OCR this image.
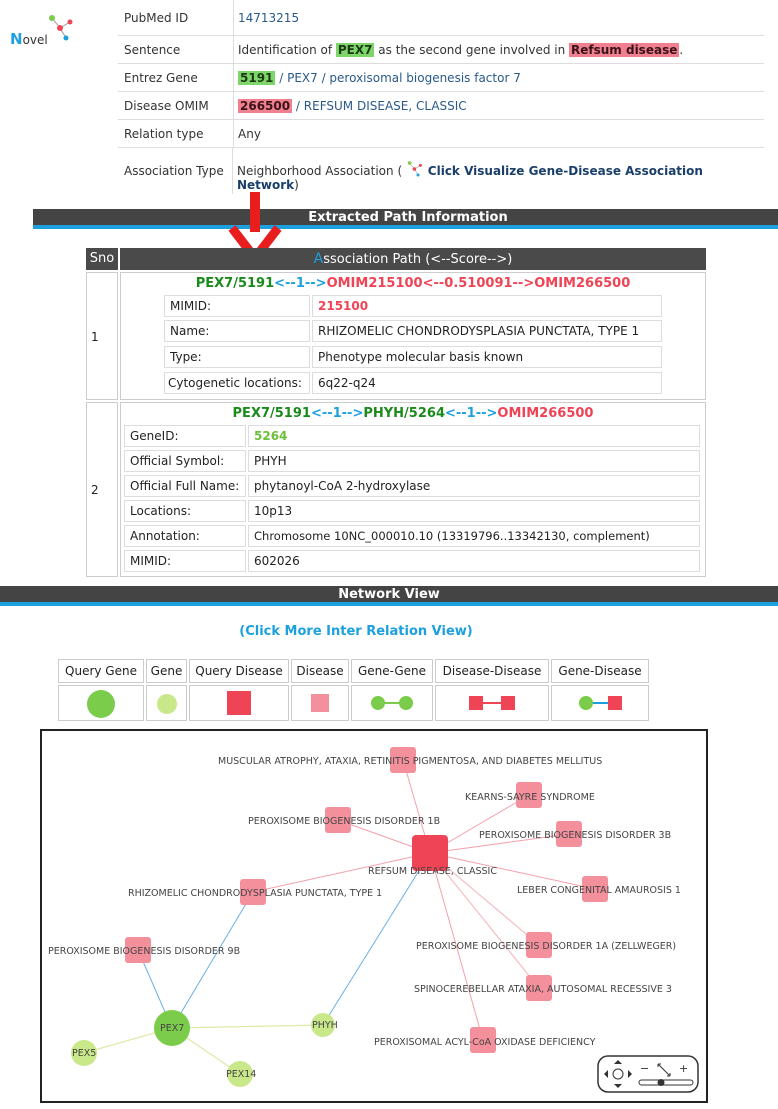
Novel
PubMed ID	14713215
Sentence	Identification of PEX7 as the second gene involved in Refsum disease .
Entrez Gene	5191 / PEX7 / peroxisomal biogenesis factor 7
Disease OMIM	266500 / REFSUM DISEASE, CLASSIC
Relation type	Any
Association Type	Neighborhood Association (  Click Visualize Gene-Disease Association Network)
Extracted Path Information
Sno	Association Path (<--Score-->)
1
PEX7/5191<--1-->OMIM215100<--0.510091-->OMIM266500
MIMID:	215100
Name:	RHIZOMELIC CHONDRODYSPLASIA PUNCTATA, TYPE 1
Type:	Phenotype molecular basis known
Cytogenetic locations:	6q22-q24
2
PEX7/5191<--1-->PHYH/5264<--1-->OMIM266500
GeneID:	5264
Official Symbol:	PHYH
Official Full Name:	phytanoyl-CoA 2-hydroxylase
Locations:	10p13
Annotation:	Chromosome 10NC_000010.10 (13319796..13342130, complement)
MIMID:	602026
Network View
(Click More Inter Relation View)
Query Gene	Gene	Query Disease	Disease	Gene-Gene	Disease-Disease	Gene-Disease
MUSCULAR ATROPHY, ATAXIA, RETINITIS PIGMENTOSA, AND DIABETES MELLITUS
KEARNS-SAYRE SYNDROME
PEROXISOME BIOGENESIS DISORDER 1B
PEROXISOME BIOGENESIS DISORDER 3B
REFSUM DISEASE, CLASSIC
RHIZOMELIC CHONDRODYSPLASIA PUNCTATA, TYPE 1	LEBER CONGENITAL AMAUROSIS 1
PEROXISOME BIOGENESIS DISORDER 9B	PEROXISOME BIOGENESIS DISORDER 1A (ZELLWEGER)
SPINOCEREBELLAR ATAXIA, AUTOSOMAL RECESSIVE 3
PEROXISOMAL ACYL-CoA OXIDASE DEFICIENCY
PEX7	PHYH
PEX5
PEX14	−	+
